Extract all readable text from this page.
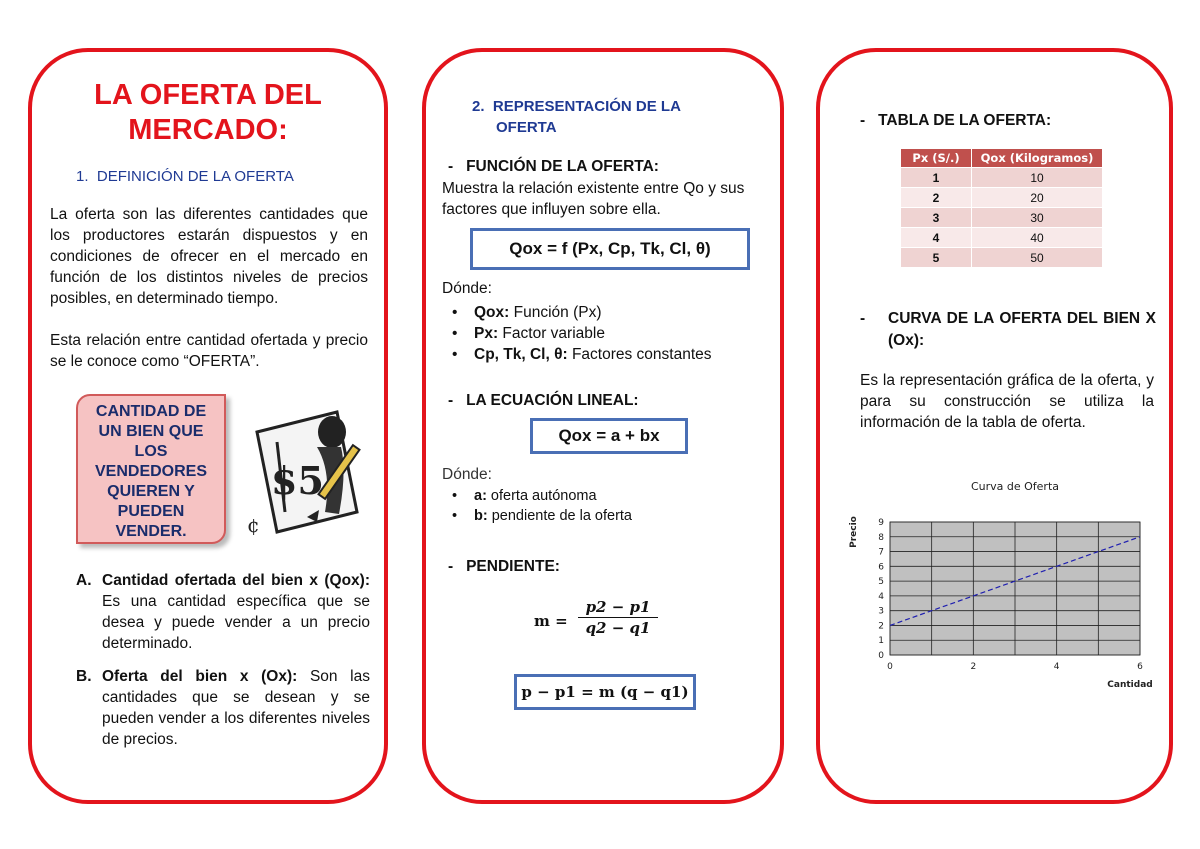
LA OFERTA DEL
MERCADO:
1. DEFINICIÓN DE LA OFERTA
La oferta son las diferentes cantidades que los productores estarán dispuestos y en condiciones de ofrecer en el mercado en función de los distintos niveles de precios posibles, en determinado tiempo.
Esta relación entre cantidad ofertada y precio se le conoce como “OFERTA”.
CANTIDAD DE
UN BIEN QUE
LOS
VENDEDORES
QUIEREN Y
PUEDEN
VENDER.
$5
¢
A. Cantidad ofertada del bien x (Qox): Es una cantidad específica que se desea y puede vender a un precio determinado.
B. Oferta del bien x (Ox): Son las cantidades que se desean y se pueden vender a los diferentes niveles de precios.
2. REPRESENTACIÓN DE LA
OFERTA
-   FUNCIÓN DE LA OFERTA:
Muestra la relación existente entre Qo y sus factores que influyen sobre ella.
Qox = f (Px, Cp, Tk, Cl, θ)
Dónde:
• Qox: Función (Px)
• Px: Factor variable
• Cp, Tk, Cl, θ: Factores constantes
-   LA ECUACIÓN LINEAL:
Qox = a + bx
Dónde:
• a: oferta autónoma
• b: pendiente de la oferta
-   PENDIENTE:
m =
p2 − p1
q2 − q1
p − p1 = m (q − q1)
-   TABLA DE LA OFERTA:
Px (S/.)	Qox (Kilogramos)
1	10
2	20
3	30
4	40
5	50
-	CURVA DE LA OFERTA DEL BIEN X (Ox):
Es la representación gráfica de la oferta, y para su construcción se utiliza la información de la tabla de oferta.
0
1
2
3
4
5
6
7
8
9
0	2	4	6
Curva de Oferta
Cantidad
Precio
